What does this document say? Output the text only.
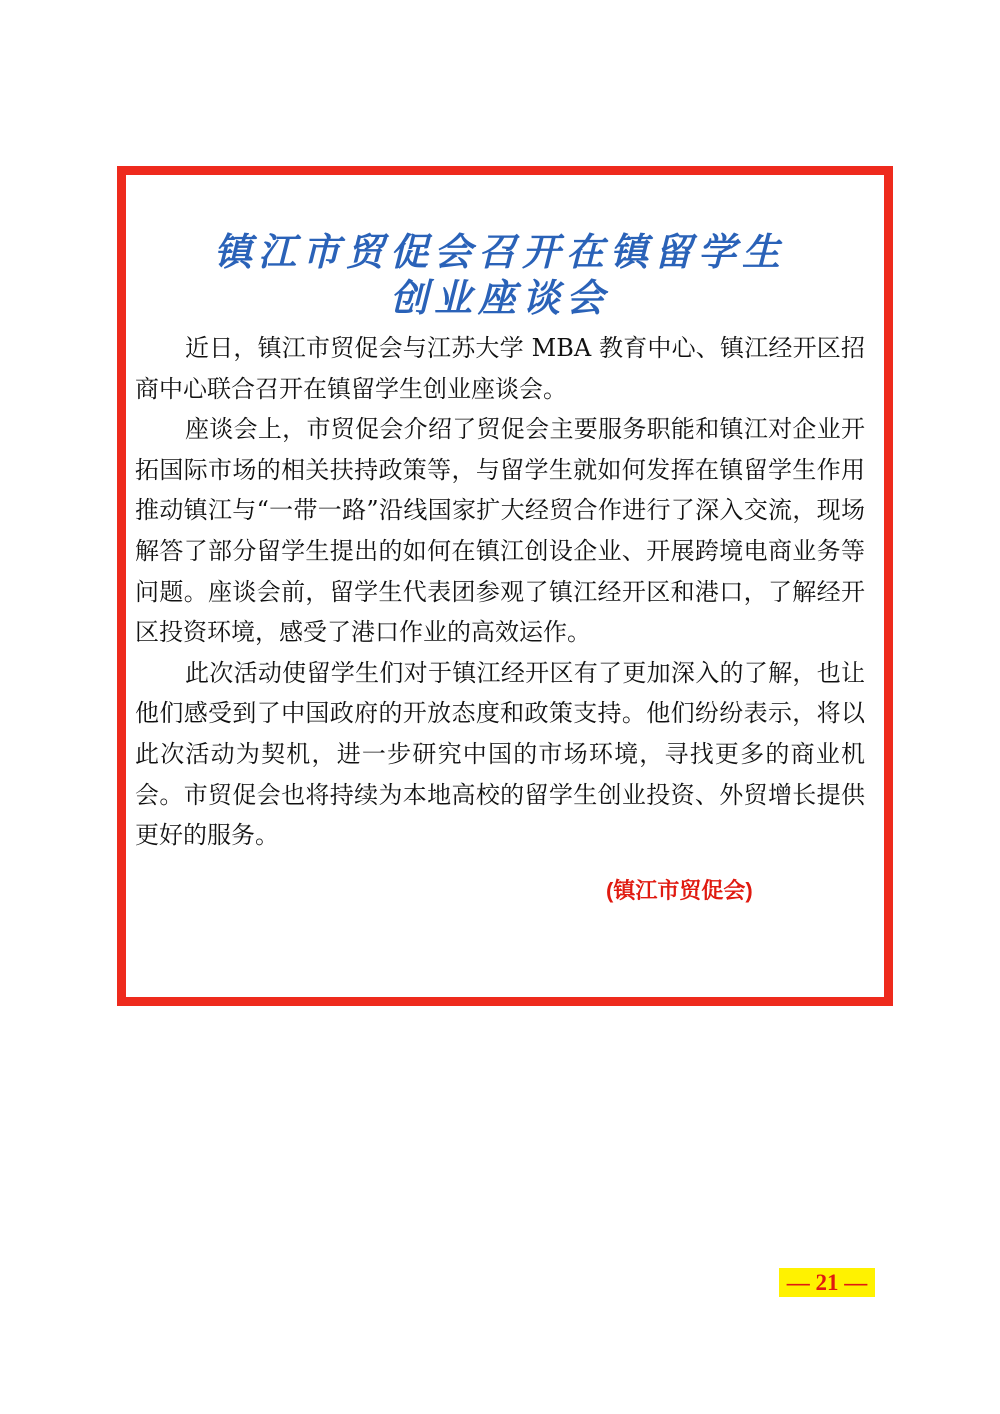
镇江市贸促会召开在镇留学生
创业座谈会

近日，镇江市贸促会与江苏大学 MBA 教育中心、镇江经开区招商中心联合召开在镇留学生创业座谈会。

座谈会上，市贸促会介绍了贸促会主要服务职能和镇江对企业开拓国际市场的相关扶持政策等，与留学生就如何发挥在镇留学生作用推动镇江与“一带一路”沿线国家扩大经贸合作进行了深入交流，现场解答了部分留学生提出的如何在镇江创设企业、开展跨境电商业务等问题。座谈会前，留学生代表团参观了镇江经开区和港口，了解经开区投资环境，感受了港口作业的高效运作。

此次活动使留学生们对于镇江经开区有了更加深入的了解，也让他们感受到了中国政府的开放态度和政策支持。他们纷纷表示，将以此次活动为契机，进一步研究中国的市场环境，寻找更多的商业机会。市贸促会也将持续为本地高校的留学生创业投资、外贸增长提供更好的服务。

(镇江市贸促会)
— 21 —
